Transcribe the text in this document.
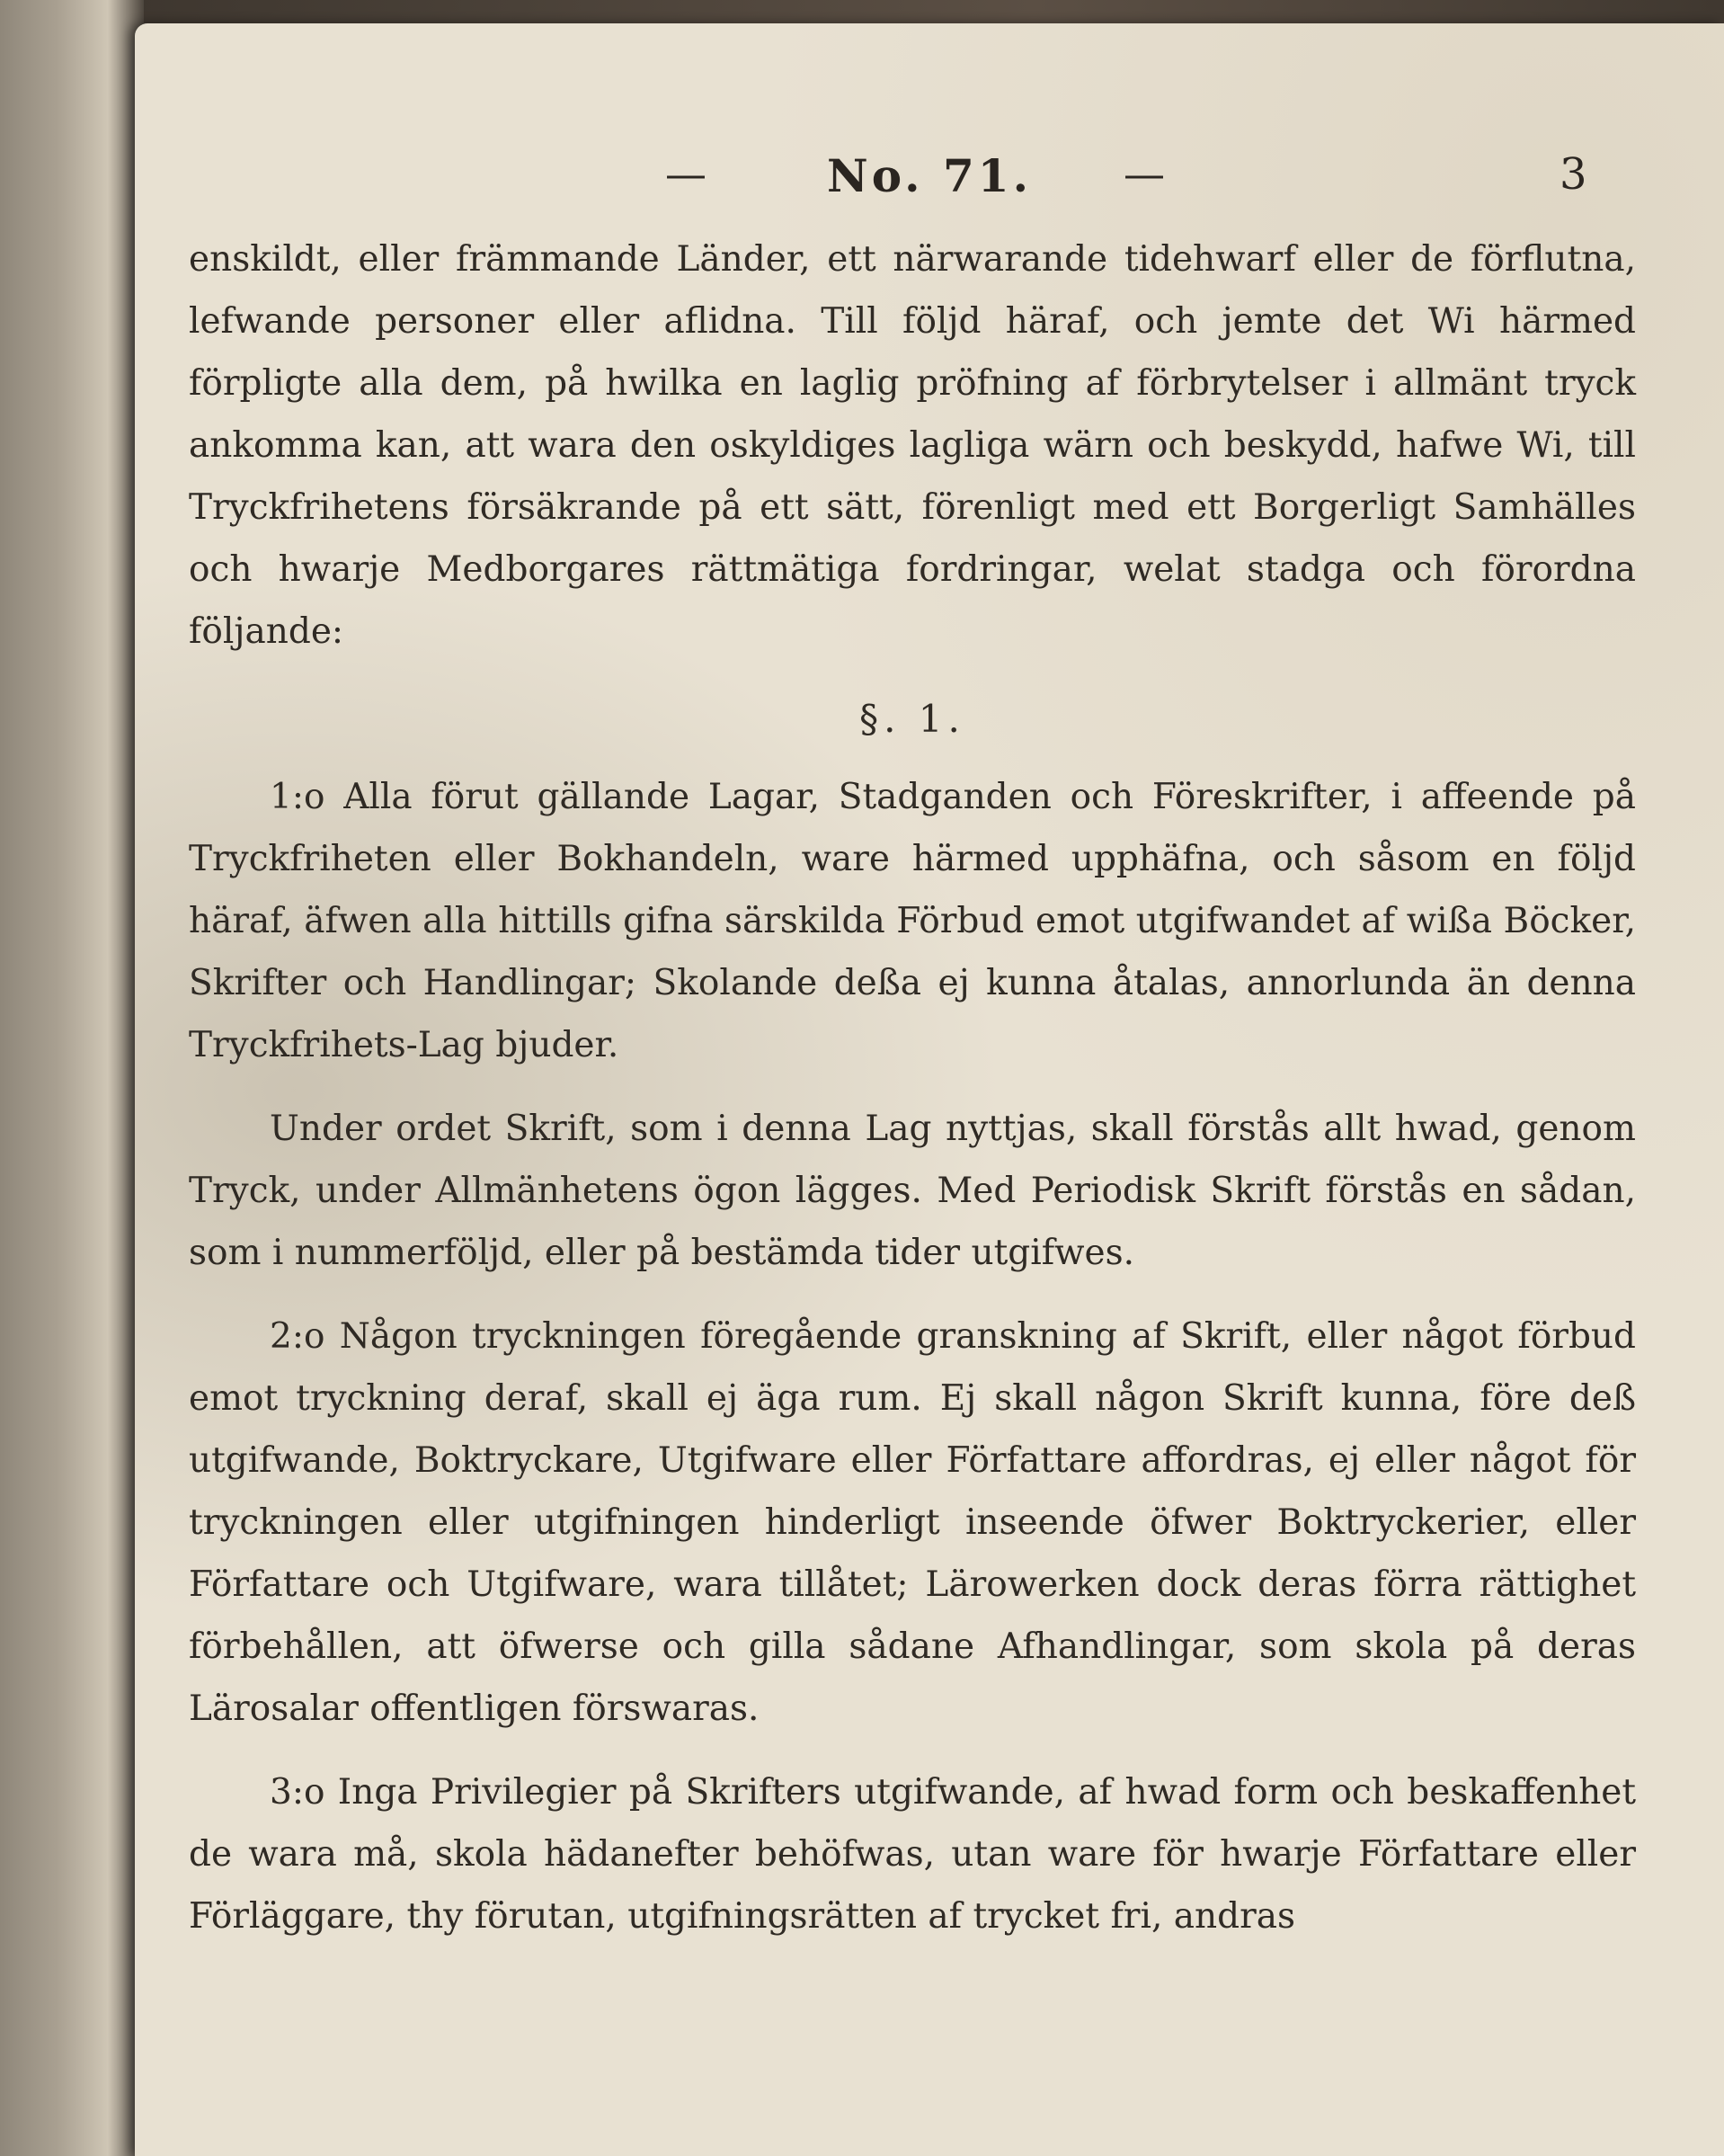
—	No. 71.	—	3

enskildt, eller främmande Länder, ett närwarande tidehwarf eller de förflutna, lefwande personer eller aflidna. Till följd häraf, och jemte det Wi härmed förpligte alla dem, på hwilka en laglig pröfning af förbrytelser i allmänt tryck ankomma kan, att wara den oskyldiges lagliga wärn och beskydd, hafwe Wi, till Tryckfrihetens försäkrande på ett sätt, förenligt med ett Borgerligt Samhälles och hwarje Medborgares rättmätiga fordringar, welat stadga och förordna följande:

§. 1.

1:o Alla förut gällande Lagar, Stadganden och Föreskrifter, i affeende på Tryckfriheten eller Bokhandeln, ware härmed upphäfna, och såsom en följd häraf, äfwen alla hittills gifna särskilda Förbud emot utgifwandet af wißa Böcker, Skrifter och Handlingar; Skolande deßa ej kunna åtalas, annorlunda än denna Tryckfrihets-Lag bjuder.

Under ordet Skrift, som i denna Lag nyttjas, skall förstås allt hwad, genom Tryck, under Allmänhetens ögon lägges. Med Periodisk Skrift förstås en sådan, som i nummerföljd, eller på bestämda tider utgifwes.

2:o Någon tryckningen föregående granskning af Skrift, eller något förbud emot tryckning deraf, skall ej äga rum. Ej skall någon Skrift kunna, före deß utgifwande, Boktryckare, Utgifware eller Författare affordras, ej eller något för tryckningen eller utgifningen hinderligt inseende öfwer Boktryckerier, eller Författare och Utgifware, wara tillåtet; Lärowerken dock deras förra rättighet förbehållen, att öfwerse och gilla sådane Afhandlingar, som skola på deras Lärosalar offentligen förswaras.

3:o Inga Privilegier på Skrifters utgifwande, af hwad form och beskaffenhet de wara må, skola hädanefter behöfwas, utan ware för hwarje Författare eller Förläggare, thy förutan, utgifningsrätten af trycket fri, andras
